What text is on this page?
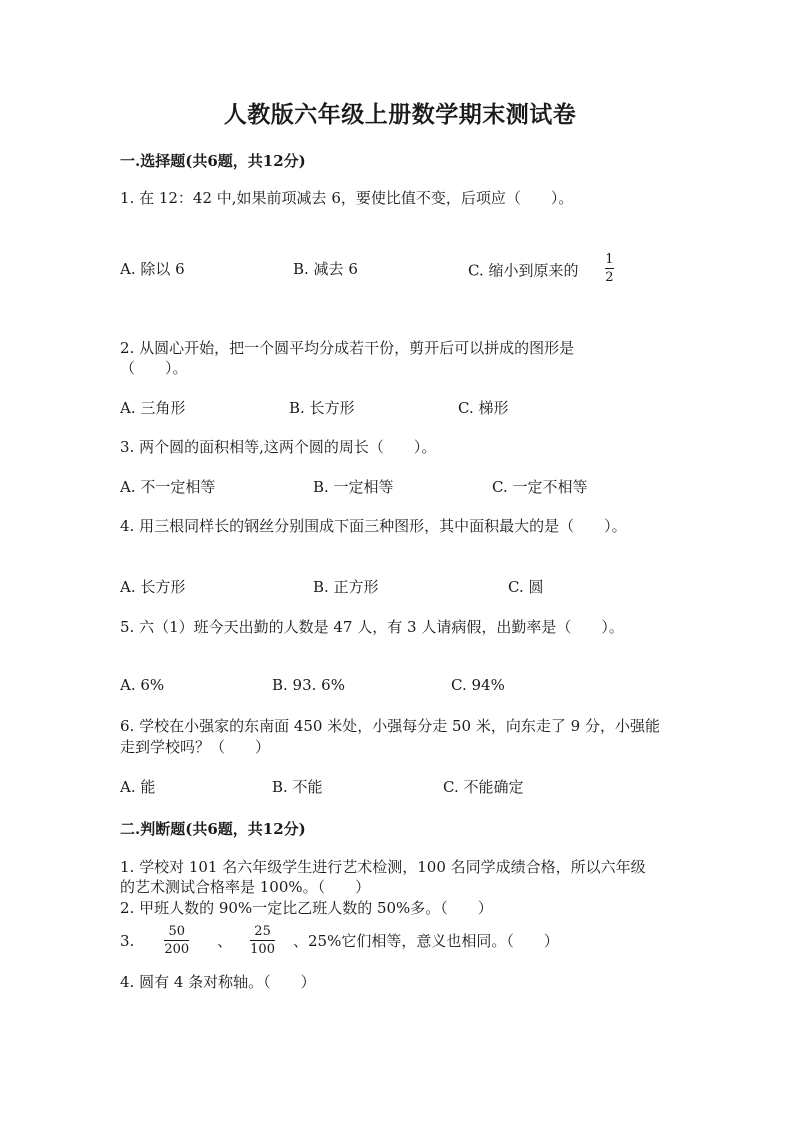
人教版六年级上册数学期末测试卷
一.选择题(共6题，共12分)
1. 在 12：42 中,如果前项减去 6，要使比值不变，后项应（　　）。
A. 除以 6	B. 减去 6	C. 缩小到原来的 $\frac{1}{2}$
2. 从圆心开始，把一个圆平均分成若干份，剪开后可以拼成的图形是
（　　）。
A. 三角形	B. 长方形	C. 梯形
3. 两个圆的面积相等,这两个圆的周长（　　）。
A. 不一定相等	B. 一定相等	C. 一定不相等
4. 用三根同样长的钢丝分别围成下面三种图形，其中面积最大的是（　　）。
A. 长方形	B. 正方形	C. 圆
5. 六（1）班今天出勤的人数是 47 人，有 3 人请病假，出勤率是（　　）。
A. 6%	B. 93. 6%	C. 94%
6. 学校在小强家的东南面 450 米处，小强每分走 50 米，向东走了 9 分，小强能
走到学校吗？（　　）
A. 能	B. 不能	C. 不能确定
二.判断题(共6题，共12分)
1. 学校对 101 名六年级学生进行艺术检测，100 名同学成绩合格，所以六年级
的艺术测试合格率是 100%。（　　）
2. 甲班人数的 90%一定比乙班人数的 50%多。（　　）
3. $\frac{50}{200}$ 、 $\frac{25}{100}$ 、25%它们相等，意义也相同。（　　）
4. 圆有 4 条对称轴。（　　）
